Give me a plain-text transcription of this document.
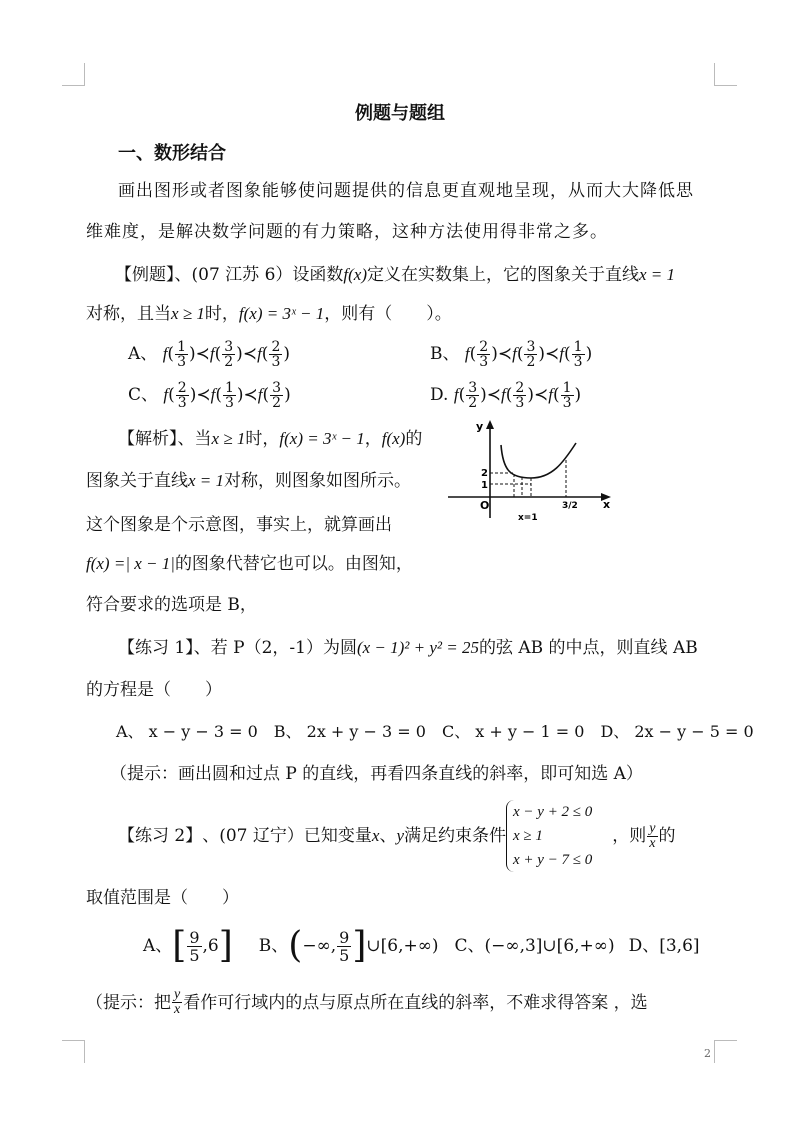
例题与题组
一、数形结合
画出图形或者图象能够使问题提供的信息更直观地呈现，从而大大降低思
维难度，是解决数学问题的有力策略，这种方法使用得非常之多。
【例题】、(07 江苏 6）设函数f(x)定义在实数集上，它的图象关于直线x = 1
对称，且当x ≥ 1时，f(x) = 3ˣ − 1，则有（　　）。
A、 $f( \frac{1}{3}$ )≺f( $\frac{3}{2}$ )≺f( $\frac{2}{3}$ )	B、 $f( \frac{2}{3}$ )≺f( $\frac{3}{2}$ )≺f( $\frac{1}{3}$ )
C、 $f( \frac{2}{3}$ )≺f( $\frac{1}{3}$ )≺f( $\frac{3}{2}$ )	D. $f( \frac{3}{2}$ )≺f( $\frac{2}{3}$ )≺f( $\frac{1}{3}$ )
【解析】、当x ≥ 1时，f(x) = 3ˣ − 1，f(x)的
图象关于直线x = 1对称，则图象如图所示。
这个图象是个示意图，事实上，就算画出
f(x) =| x − 1|的图象代替它也可以。由图知，
符合要求的选项是 B，
y
x
O
2
1
x=1
3/2
【练习 1】、若 P（2，-1）为圆(x − 1)² + y² = 25的弦 AB 的中点，则直线 AB
的方程是（　　）
A、 x − y − 3 = 0　B、 2x + y − 3 = 0　C、 x + y − 1 = 0　D、 2x − y − 5 = 0
（提示：画出圆和过点 P 的直线，再看四条直线的斜率，即可知选 A）
【练习 2】 、(07 辽宁）已知变量 x 、 y 满足约束条件
x − y + 2 ≤ 0
x ≥ 1
x + y − 7 ≤ 0
，则 $\frac{y}{x}$ 的
取值范围是（　　）
A、 [ $\frac{9}{5} ,6$ ] B、 ( −∞, $\frac{9}{5}$ ] ∪[6,+∞) C、 (−∞,3]∪[6,+∞) D、 [3,6]
（提示：把 $\frac{y}{x}$ 看作可行域内的点与原点所在直线的斜率，不难求得答案 ，选
2
